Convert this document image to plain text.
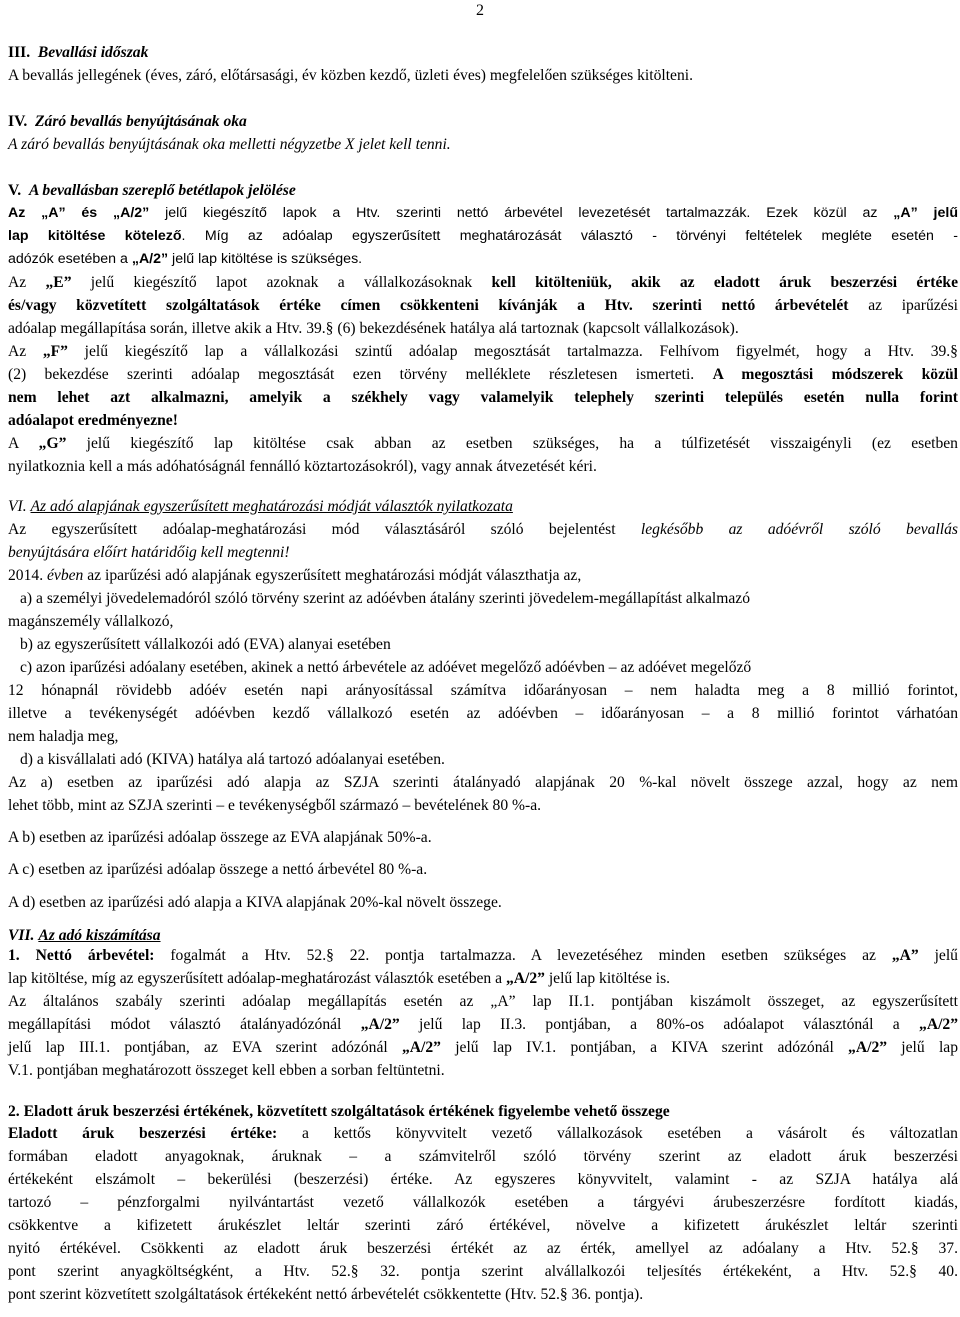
2
III. Bevallási időszak
A bevallás jellegének (éves, záró, előtársasági, év közben kezdő, üzleti éves) megfelelően szükséges kitölteni.
IV. Záró bevallás benyújtásának oka
A záró bevallás benyújtásának oka melletti négyzetbe X jelet kell tenni.
V. A bevallásban szereplő betétlapok jelölése
Az „A” és „A/2” jelű kiegészítő lapok a Htv. szerinti nettó árbevétel levezetését tartalmazzák. Ezek közül az „A” jelű
lap kitöltése kötelező. Míg az adóalap egyszerűsített meghatározását választó - törvényi feltételek megléte esetén -
adózók esetében a „A/2” jelű lap kitöltése is szükséges.
Az „E” jelű kiegészítő lapot azoknak a vállalkozásoknak kell kitölteniük, akik az eladott áruk beszerzési értéke
és/vagy közvetített szolgáltatások értéke címen csökkenteni kívánják a Htv. szerinti nettó árbevételét az iparűzési
adóalap megállapítása során, illetve akik a Htv. 39.§ (6) bekezdésének hatálya alá tartoznak (kapcsolt vállalkozások).
Az „F” jelű kiegészítő lap a vállalkozási szintű adóalap megosztását tartalmazza. Felhívom figyelmét, hogy a Htv. 39.§
(2) bekezdése szerinti adóalap megosztását ezen törvény melléklete részletesen ismerteti. A megosztási módszerek közül
nem lehet azt alkalmazni, amelyik a székhely vagy valamelyik telephely szerinti település esetén nulla forint
adóalapot eredményezne!
A „G” jelű kiegészítő lap kitöltése csak abban az esetben szükséges, ha a túlfizetését visszaigényli (ez esetben
nyilatkoznia kell a más adóhatóságnál fennálló köztartozásokról), vagy annak átvezetését kéri.
VI. Az adó alapjának egyszerűsített meghatározási módját választók nyilatkozata
Az egyszerűsített adóalap-meghatározási mód választásáról szóló bejelentést legkésőbb az adóévről szóló bevallás
benyújtására előírt határidőig kell megtenni!
2014. évben az iparűzési adó alapjának egyszerűsített meghatározási módját választhatja az,
a) a személyi jövedelemadóról szóló törvény szerint az adóévben átalány szerinti jövedelem-megállapítást alkalmazó
magánszemély vállalkozó,
b) az egyszerűsített vállalkozói adó (EVA) alanyai esetében
c) azon iparűzési adóalany esetében, akinek a nettó árbevétele az adóévet megelőző adóévben – az adóévet megelőző
12 hónapnál rövidebb adóév esetén napi arányosítással számítva időarányosan – nem haladta meg a 8 millió forintot,
illetve a tevékenységét adóévben kezdő vállalkozó esetén az adóévben – időarányosan – a 8 millió forintot várhatóan
nem haladja meg,
d) a kisvállalati adó (KIVA) hatálya alá tartozó adóalanyai esetében.
Az a) esetben az iparűzési adó alapja az SZJA szerinti átalányadó alapjának 20 %-kal növelt összege azzal, hogy az nem
lehet több, mint az SZJA szerinti – e tevékenységből származó – bevételének 80 %-a.
A b) esetben az iparűzési adóalap összege az EVA alapjának 50%-a.
A c) esetben az iparűzési adóalap összege a nettó árbevétel 80 %-a.
A d) esetben az iparűzési adó alapja a KIVA alapjának 20%-kal növelt összege.
VII. Az adó kiszámítása
1. Nettó árbevétel: fogalmát a Htv. 52.§ 22. pontja tartalmazza. A levezetéséhez minden esetben szükséges az „A” jelű
lap kitöltése, míg az egyszerűsített adóalap-meghatározást választók esetében a „A/2” jelű lap kitöltése is.
Az általános szabály szerinti adóalap megállapítás esetén az „A” lap II.1. pontjában kiszámolt összeget, az egyszerűsített
megállapítási módot választó átalányadózónál „A/2” jelű lap II.3. pontjában, a 80%-os adóalapot választónál a „A/2”
jelű lap III.1. pontjában, az EVA szerint adózónál „A/2” jelű lap IV.1. pontjában, a KIVA szerint adózónál „A/2” jelű lap
V.1. pontjában meghatározott összeget kell ebben a sorban feltüntetni.
2. Eladott áruk beszerzési értékének, közvetített szolgáltatások értékének figyelembe vehető összege
Eladott áruk beszerzési értéke: a kettős könyvvitelt vezető vállalkozások esetében a vásárolt és változatlan
formában eladott anyagoknak, áruknak – a számvitelről szóló törvény szerint az eladott áruk beszerzési
értékeként elszámolt – bekerülési (beszerzési) értéke. Az egyszeres könyvvitelt, valamint - az SZJA hatálya alá
tartozó – pénzforgalmi nyilvántartást vezető vállalkozók esetében a tárgyévi árubeszerzésre fordított kiadás,
csökkentve a kifizetett árukészlet leltár szerinti záró értékével, növelve a kifizetett árukészlet leltár szerinti
nyitó értékével. Csökkenti az eladott áruk beszerzési értékét az az érték, amellyel az adóalany a Htv. 52.§ 37.
pont szerint anyagköltségként, a Htv. 52.§ 32. pontja szerint alvállalkozói teljesítés értékeként, a Htv. 52.§ 40.
pont szerint közvetített szolgáltatások értékeként nettó árbevételét csökkentette (Htv. 52.§ 36. pontja).
